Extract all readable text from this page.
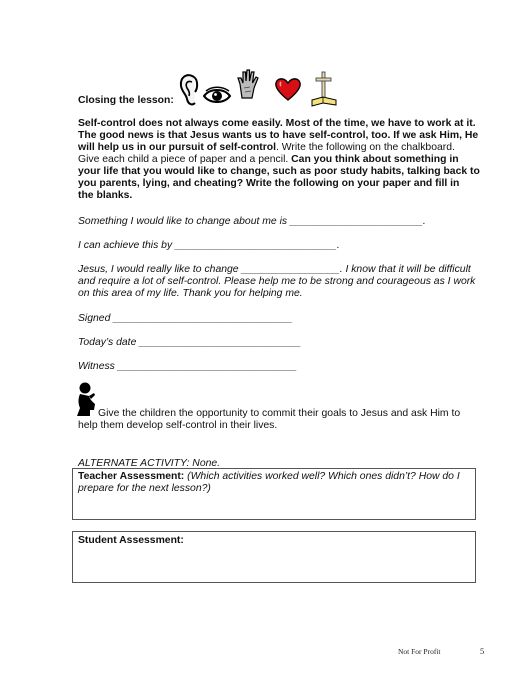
Closing the lesson:
Self-control does not always come easily. Most of the time, we have to work at it.
The good news is that Jesus wants us to have self-control, too. If we ask Him, He
will help us in our pursuit of self-control. Write the following on the chalkboard.
Give each child a piece of paper and a pencil. Can you think about something in
your life that you would like to change, such as poor study habits, talking back to
you parents, lying, and cheating? Write the following on your paper and fill in
the blanks.
Something I would like to change about me is _______________________.
I can achieve this by ____________________________.
Jesus, I would really like to change _________________. I know that it will be difficult
and require a lot of self-control. Please help me to be strong and courageous as I work
on this area of my life. Thank you for helping me.
Signed _______________________________
Today’s date ____________________________
Witness _______________________________
Give the children the opportunity to commit their goals to Jesus and ask Him to
help them develop self-control in their lives.
ALTERNATE ACTIVITY: None.
Teacher Assessment: (Which activities worked well? Which ones didn’t? How do I
prepare for the next lesson?)
Student Assessment:
Not For Profit	5
